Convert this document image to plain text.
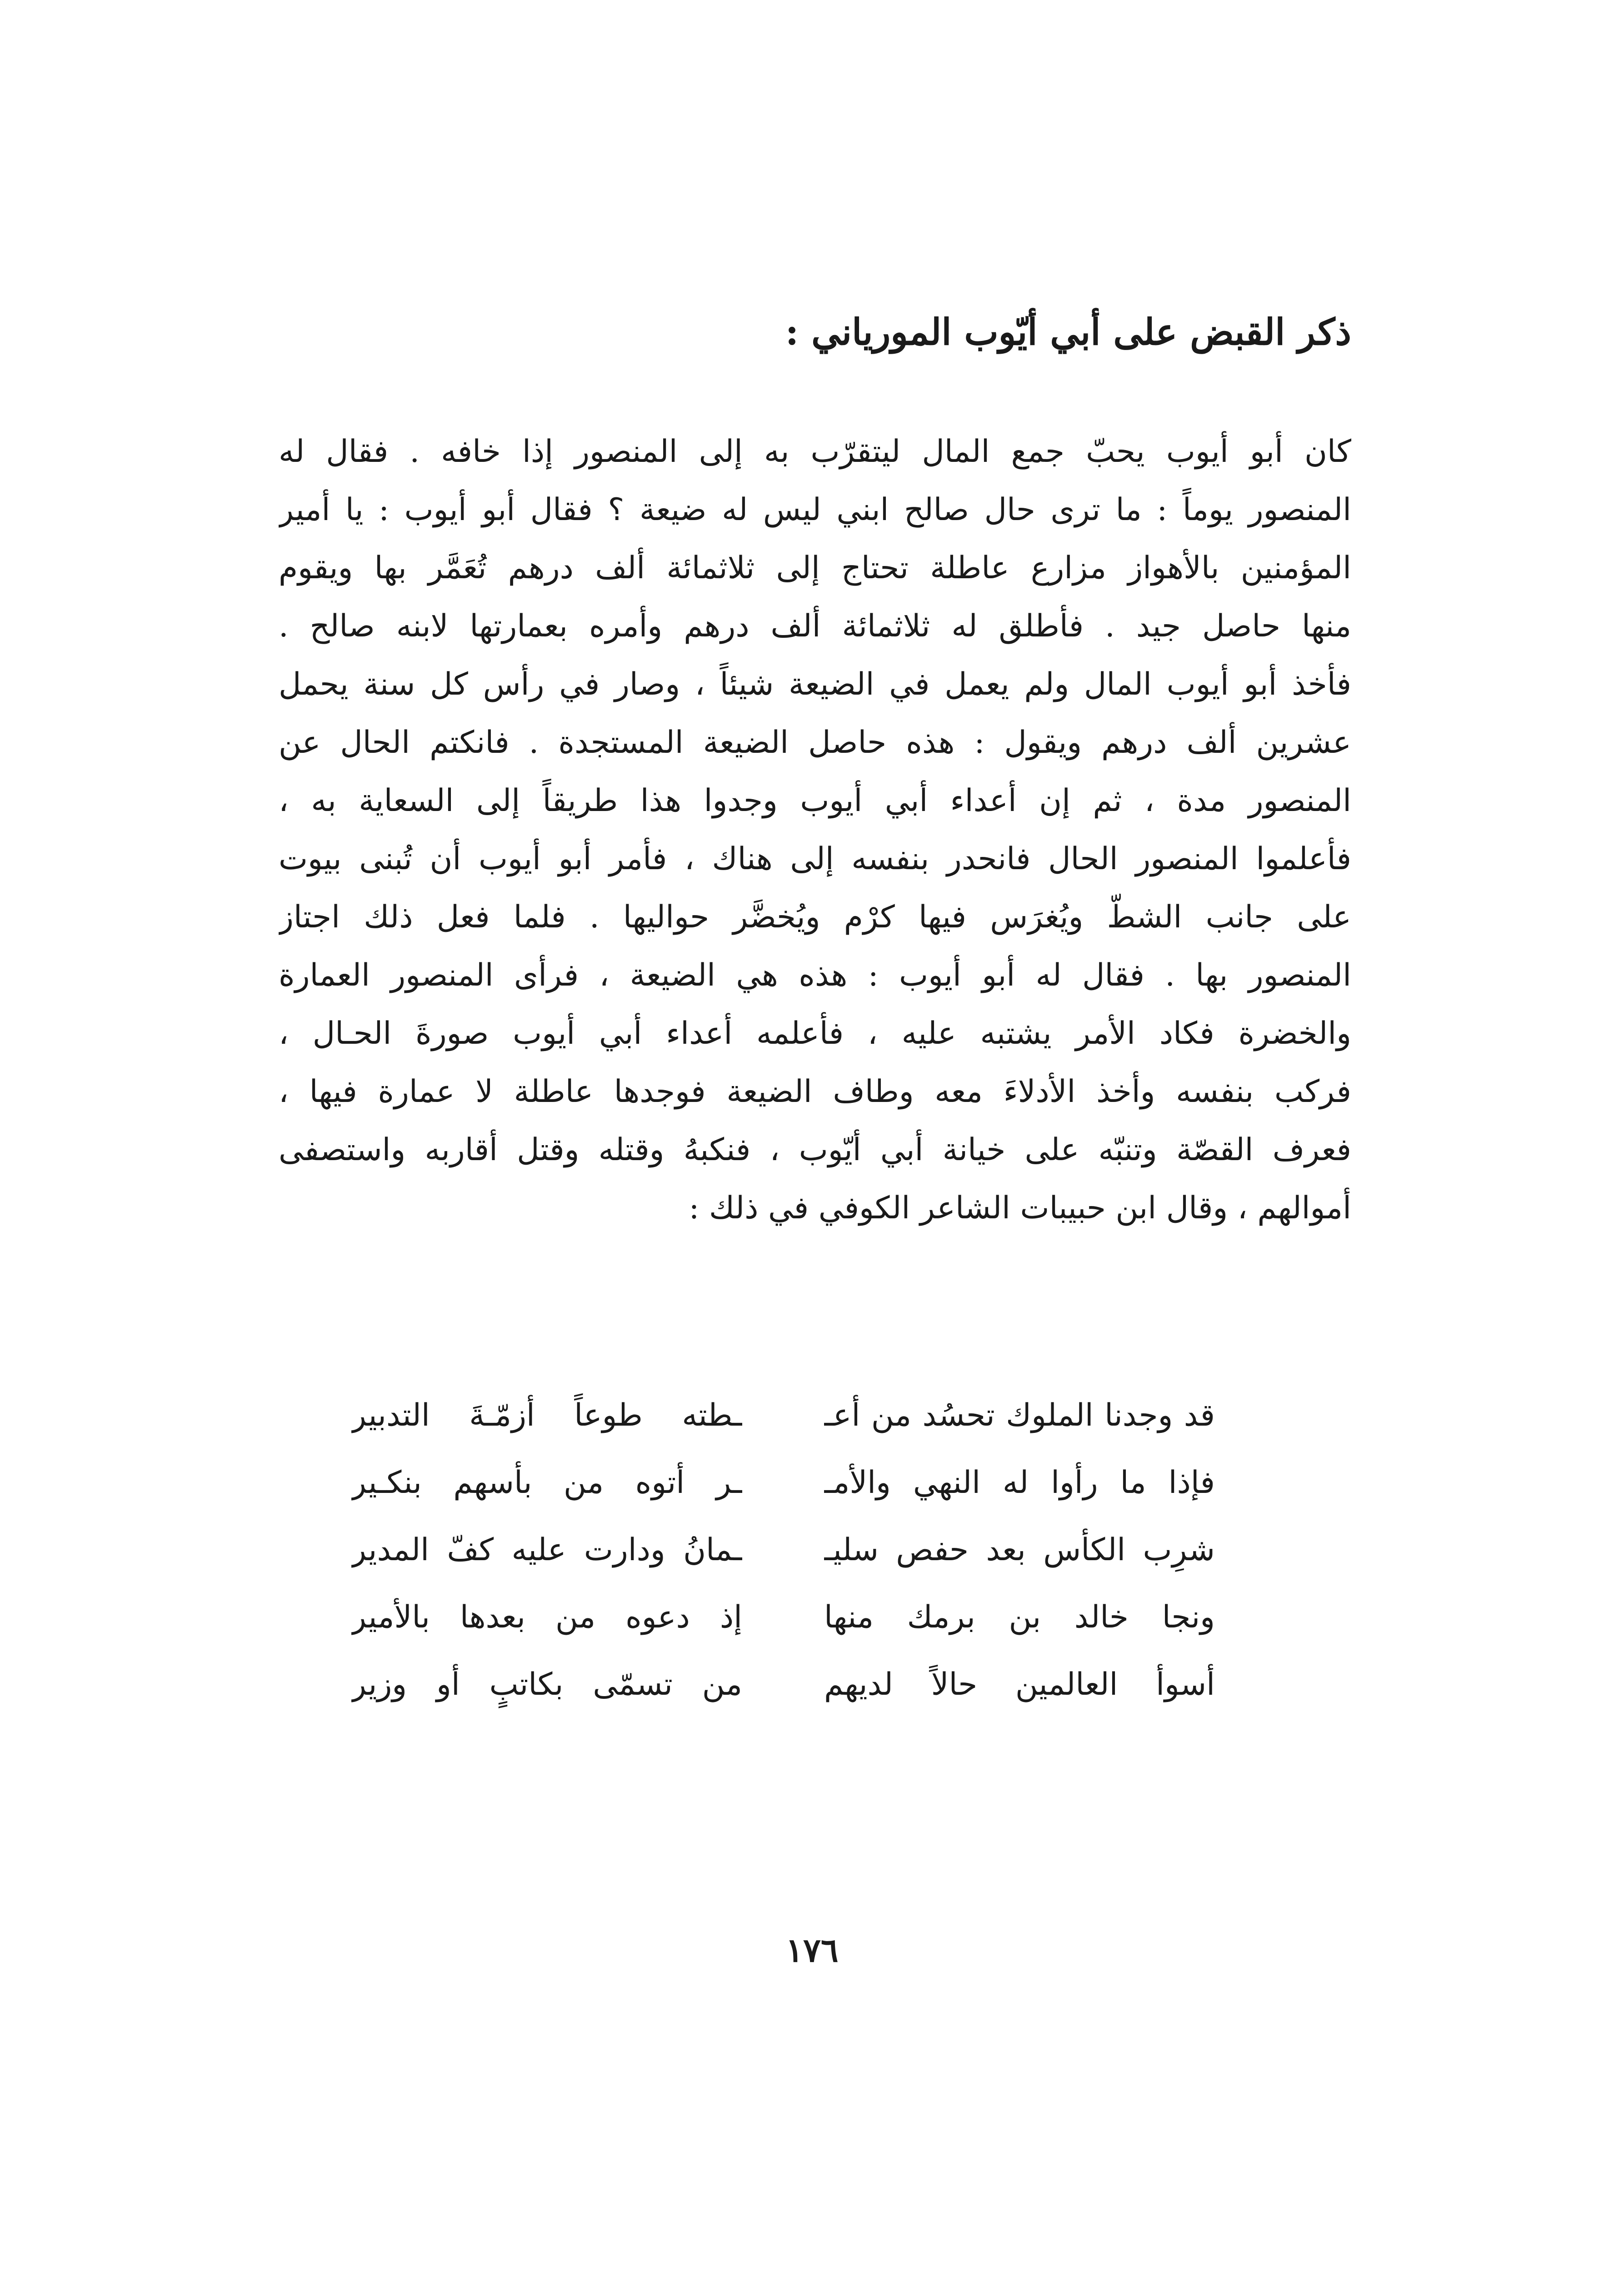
ذكر القبض على أبي أيّوب المورياني :
كان أبو أيوب يحبّ جمع المال ليتقرّب به إلى المنصور إذا خافه . فقال له
المنصور يوماً : ما ترى حال صالح ابني ليس له ضيعة ؟ فقال أبو أيوب : يا أمير
المؤمنين بالأهواز مزارع عاطلة تحتاج إلى ثلاثمائة ألف درهم تُعَمَّر بها ويقوم
منها حاصل جيد . فأطلق له ثلاثمائة ألف درهم وأمره بعمارتها لابنه صالح .
فأخذ أبو أيوب المال ولم يعمل في الضيعة شيئاً ، وصار في رأس كل سنة يحمل
عشرين ألف درهم ويقول : هذه حاصل الضيعة المستجدة . فانكتم الحال عن
المنصور مدة ، ثم إن أعداء أبي أيوب وجدوا هذا طريقاً إلى السعاية به ،
فأعلموا المنصور الحال فانحدر بنفسه إلى هناك ، فأمر أبو أيوب أن تُبنى بيوت
على جانب الشطّ ويُغرَس فيها كرْم ويُخضَّر حواليها . فلما فعل ذلك اجتاز
المنصور بها . فقال له أبو أيوب : هذه هي الضيعة ، فرأى المنصور العمارة
والخضرة فكاد الأمر يشتبه عليه ، فأعلمه أعداء أبي أيوب صورةَ الحـال ،
فركب بنفسه وأخذ الأدلاءَ معه وطاف الضيعة فوجدها عاطلة لا عمارة فيها ،
فعرف القصّة وتنبّه على خيانة أبي أيّوب ، فنكبهُ وقتله وقتل أقاربه واستصفى
أموالهم ، وقال ابن حبيبات الشاعر الكوفي في ذلك :
قد وجدنا الملوك تحسُد من أعـ
ـطته طوعاً أزمّـةَ التدبير
فإذا ما رأوا له النهي والأمـ
ـر أتوه من بأسهم بنكـير
شرِب الكأس بعد حفص سليـ
ـمانُ ودارت عليه كفّ المدير
ونجا خالد بن برمك منها
إذ دعوه من بعدها بالأمير
أسوأ العالمين حالاً لديهم
من تسمّى بكاتبٍ أو وزير
١٧٦
